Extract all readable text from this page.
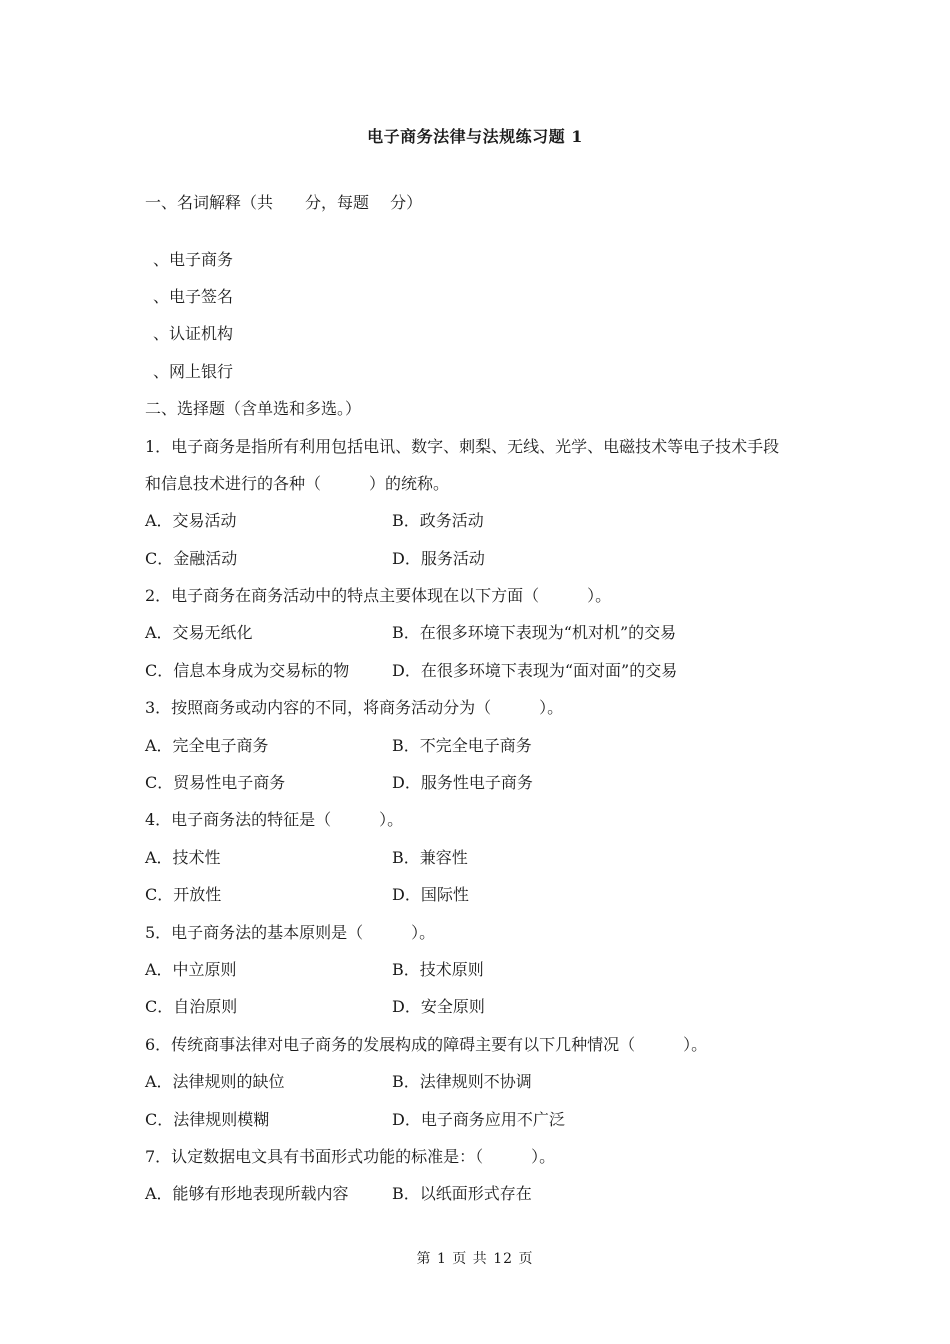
电子商务法律与法规练习题 1
一、名词解释（共　　分，每题　 分）
、电子商务
、电子签名
、认证机构
、网上银行
二、选择题（含单选和多选。）
1．电子商务是指所有利用包括电讯、数字、刺梨、无线、光学、电磁技术等电子技术手段
和信息技术进行的各种（　　　）的统称。
A．交易活动	B．政务活动
C．金融活动	D．服务活动
2．电子商务在商务活动中的特点主要体现在以下方面（　　　）。
A．交易无纸化	B．在很多环境下表现为“机对机”的交易
C．信息本身成为交易标的物	D．在很多环境下表现为“面对面”的交易
3．按照商务或动内容的不同，将商务活动分为（　　　）。
A．完全电子商务	B．不完全电子商务
C．贸易性电子商务	D．服务性电子商务
4．电子商务法的特征是（　　　）。
A．技术性	B．兼容性
C．开放性	D．国际性
5．电子商务法的基本原则是（　　　）。
A．中立原则	B．技术原则
C．自治原则	D．安全原则
6．传统商事法律对电子商务的发展构成的障碍主要有以下几种情况（　　　）。
A．法律规则的缺位	B．法律规则不协调
C．法律规则模糊	D．电子商务应用不广泛
7．认定数据电文具有书面形式功能的标准是：（　　　）。
A．能够有形地表现所载内容	B．以纸面形式存在
第 1 页 共 12 页
